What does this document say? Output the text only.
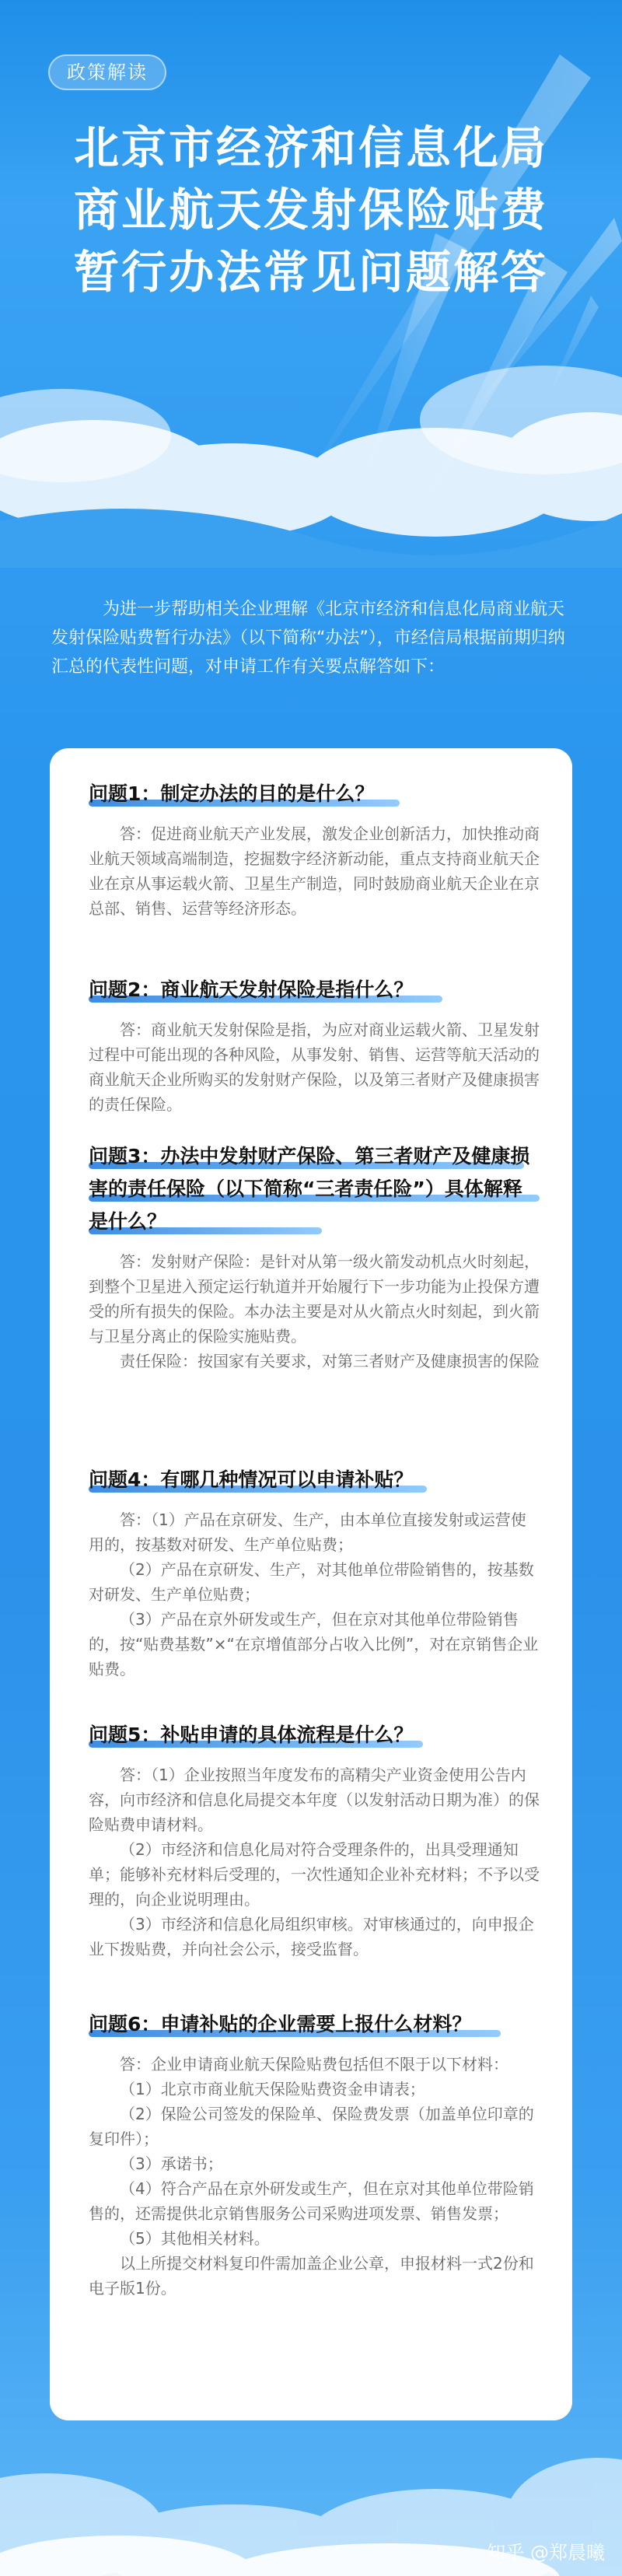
政策解读
北京市经济和信息化局
商业航天发射保险贴费
暂行办法常见问题解答
为进一步帮助相关企业理解《北京市经济和信息化局商业航天发射保险贴费暂行办法》（以下简称“办法”），市经信局根据前期归纳汇总的代表性问题，对申请工作有关要点解答如下：
问题1：制定办法的目的是什么？

答：促进商业航天产业发展，激发企业创新活力，加快推动商业航天领域高端制造，挖掘数字经济新动能，重点支持商业航天企业在京从事运载火箭、卫星生产制造，同时鼓励商业航天企业在京总部、销售、运营等经济形态。

问题2：商业航天发射保险是指什么？

答：商业航天发射保险是指，为应对商业运载火箭、卫星发射过程中可能出现的各种风险，从事发射、销售、运营等航天活动的商业航天企业所购买的发射财产保险，以及第三者财产及健康损害的责任保险。

问题3：办法中发射财产保险、第三者财产及健康损害的责任保险（以下简称“三者责任险”）具体解释是什么？

答：发射财产保险：是针对从第一级火箭发动机点火时刻起，到整个卫星进入预定运行轨道并开始履行下一步功能为止投保方遭受的所有损失的保险。本办法主要是对从火箭点火时刻起，到火箭与卫星分离止的保险实施贴费。

责任保险：按国家有关要求，对第三者财产及健康损害的保险

问题4：有哪几种情况可以申请补贴？

答：（1）产品在京研发、生产，由本单位直接发射或运营使用的，按基数对研发、生产单位贴费；

（2）产品在京研发、生产，对其他单位带险销售的，按基数对研发、生产单位贴费；

（3）产品在京外研发或生产，但在京对其他单位带险销售的，按“贴费基数”×“在京增值部分占收入比例”，对在京销售企业贴费。

问题5：补贴申请的具体流程是什么？

答：（1）企业按照当年度发布的高精尖产业资金使用公告内容，向市经济和信息化局提交本年度（以发射活动日期为准）的保险贴费申请材料。

（2）市经济和信息化局对符合受理条件的，出具受理通知单；能够补充材料后受理的，一次性通知企业补充材料；不予以受理的，向企业说明理由。

（3）市经济和信息化局组织审核。对审核通过的，向申报企业下拨贴费，并向社会公示，接受监督。

问题6：申请补贴的企业需要上报什么材料？

答：企业申请商业航天保险贴费包括但不限于以下材料：

（1）北京市商业航天保险贴费资金申请表；

（2）保险公司签发的保险单、保险费发票（加盖单位印章的复印件）；

（3）承诺书；

（4）符合产品在京外研发或生产，但在京对其他单位带险销售的，还需提供北京销售服务公司采购进项发票、销售发票；

（5）其他相关材料。

以上所提交材料复印件需加盖企业公章，申报材料一式2份和电子版1份。

知乎 @郑晨曦
